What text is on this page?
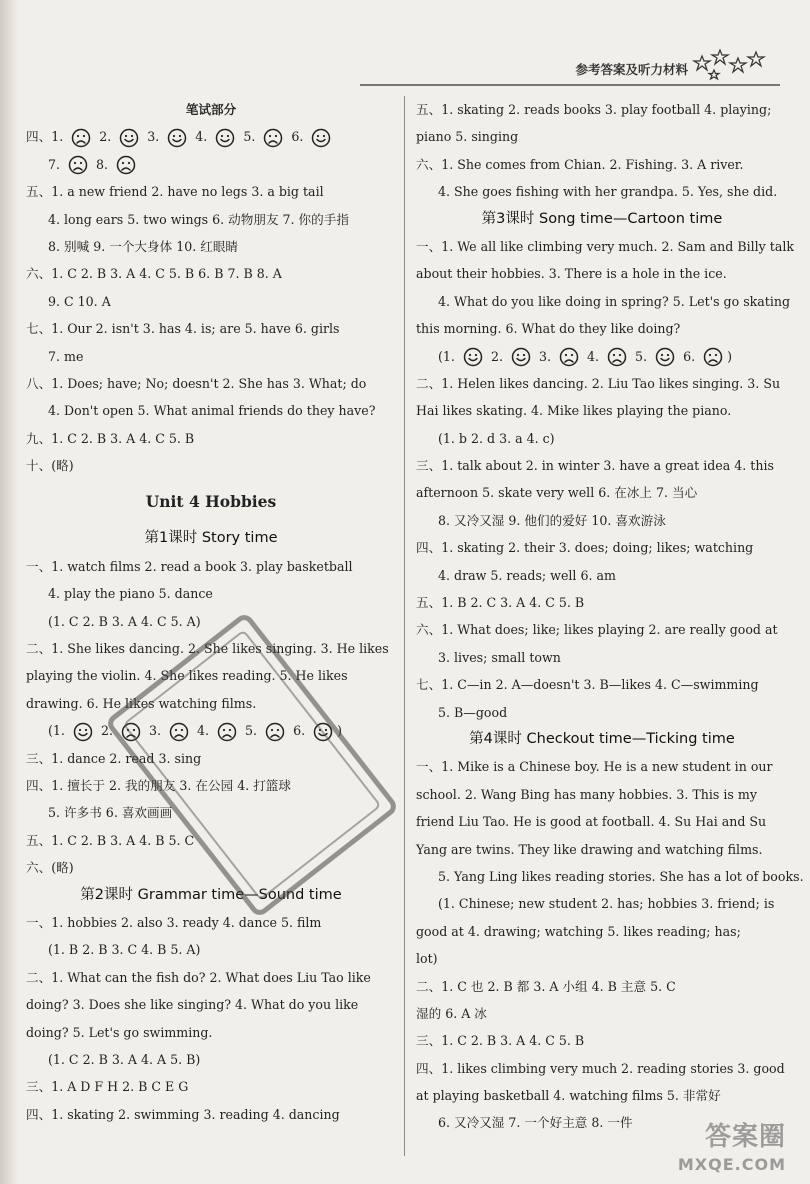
参考答案及听力材料
笔试部分
四、1.  2.  3.  4.  5.  6.
7.  8.
五、1. a new friend 2. have no legs 3. a big tail
4. long ears 5. two wings 6. 动物朋友 7. 你的手指
8. 别喊 9. 一个大身体 10. 红眼睛
六、1. C 2. B 3. A 4. C 5. B 6. B 7. B 8. A
9. C 10. A
七、1. Our 2. isn't 3. has 4. is; are 5. have 6. girls
7. me
八、1. Does; have; No; doesn't 2. She has 3. What; do
4. Don't open 5. What animal friends do they have?
九、1. C 2. B 3. A 4. C 5. B
十、(略)
Unit 4 Hobbies
第1课时 Story time
一、1. watch films 2. read a book 3. play basketball
4. play the piano 5. dance
(1. C 2. B 3. A 4. C 5. A)
二、1. She likes dancing. 2. She likes singing. 3. He likes
playing the violin. 4. She likes reading. 5. He likes
drawing. 6. He likes watching films.
(1.  2.  3.  4.  5.  6. )
三、1. dance 2. read 3. sing
四、1. 擅长于 2. 我的朋友 3. 在公园 4. 打篮球
5. 许多书 6. 喜欢画画
五、1. C 2. B 3. A 4. B 5. C
六、(略)
第2课时 Grammar time—Sound time
一、1. hobbies 2. also 3. ready 4. dance 5. film
(1. B 2. B 3. C 4. B 5. A)
二、1. What can the fish do? 2. What does Liu Tao like
doing? 3. Does she like singing? 4. What do you like
doing? 5. Let's go swimming.
(1. C 2. B 3. A 4. A 5. B)
三、1. A D F H 2. B C E G
四、1. skating 2. swimming 3. reading 4. dancing
五、1. skating 2. reads books 3. play football 4. playing;
piano 5. singing
六、1. She comes from Chian. 2. Fishing. 3. A river.
4. She goes fishing with her grandpa. 5. Yes, she did.
第3课时 Song time—Cartoon time
一、1. We all like climbing very much. 2. Sam and Billy talk
about their hobbies. 3. There is a hole in the ice.
4. What do you like doing in spring? 5. Let's go skating
this morning. 6. What do they like doing?
(1.  2.  3.  4.  5.  6. )
二、1. Helen likes dancing. 2. Liu Tao likes singing. 3. Su
Hai likes skating. 4. Mike likes playing the piano.
(1. b 2. d 3. a 4. c)
三、1. talk about 2. in winter 3. have a great idea 4. this
afternoon 5. skate very well 6. 在冰上 7. 当心
8. 又冷又湿 9. 他们的爱好 10. 喜欢游泳
四、1. skating 2. their 3. does; doing; likes; watching
4. draw 5. reads; well 6. am
五、1. B 2. C 3. A 4. C 5. B
六、1. What does; like; likes playing 2. are really good at
3. lives; small town
七、1. C—in 2. A—doesn't 3. B—likes 4. C—swimming
5. B—good
第4课时 Checkout time—Ticking time
一、1. Mike is a Chinese boy. He is a new student in our
school. 2. Wang Bing has many hobbies. 3. This is my
friend Liu Tao. He is good at football. 4. Su Hai and Su
Yang are twins. They like drawing and watching films.
5. Yang Ling likes reading stories. She has a lot of books.
(1. Chinese; new student 2. has; hobbies 3. friend; is
good at 4. drawing; watching 5. likes reading; has;
lot)
二、1. C 也 2. B 都 3. A 小组 4. B 主意 5. C
湿的 6. A 冰
三、1. C 2. B 3. A 4. C 5. B
四、1. likes climbing very much 2. reading stories 3. good
at playing basketball 4. watching films 5. 非常好
6. 又冷又湿 7. 一个好主意 8. 一件	答案圈
MXQE.COM
